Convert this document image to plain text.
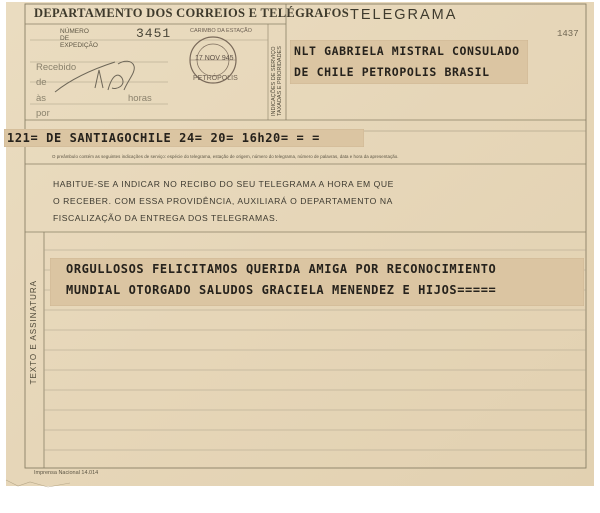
DEPARTAMENTO DOS CORREIOS E TELÉGRAFOS TELEGRAMA
1437
NÚMERO DE EXPEDIÇÃO
3451
Recebido
de
às	horas
por
CARIMBO DA ESTAÇÃO
17 NOV 945
PETRÓPOLIS	INDICAÇÕES DE SERVIÇO TAXADAS E PRIORIDADES NLT GABRIELA MISTRAL CONSULADO
DE CHILE PETROPOLIS BRASIL
121= DE SANTIAGOCHILE 24= 20= 16h20= = =
O preâmbulo contém as seguintes indicações de serviço: espécie do telegrama, estação de origem, número do telegrama, número de palavras, data e hora da apresentação.
HABITUE-SE A INDICAR NO RECIBO DO SEU TELEGRAMA A HORA EM QUE
O RECEBER. COM ESSA PROVIDÊNCIA, AUXILIARÁ O DEPARTAMENTO NA
FISCALIZAÇÃO DA ENTREGA DOS TELEGRAMAS.
TEXTO E ASSINATURA
ORGULLOSOS FELICITAMOS QUERIDA AMIGA POR RECONOCIMIENTO
MUNDIAL OTORGADO SALUDOS GRACIELA MENENDEZ E HIJOS=====
Imprensa Nacional 14.014
